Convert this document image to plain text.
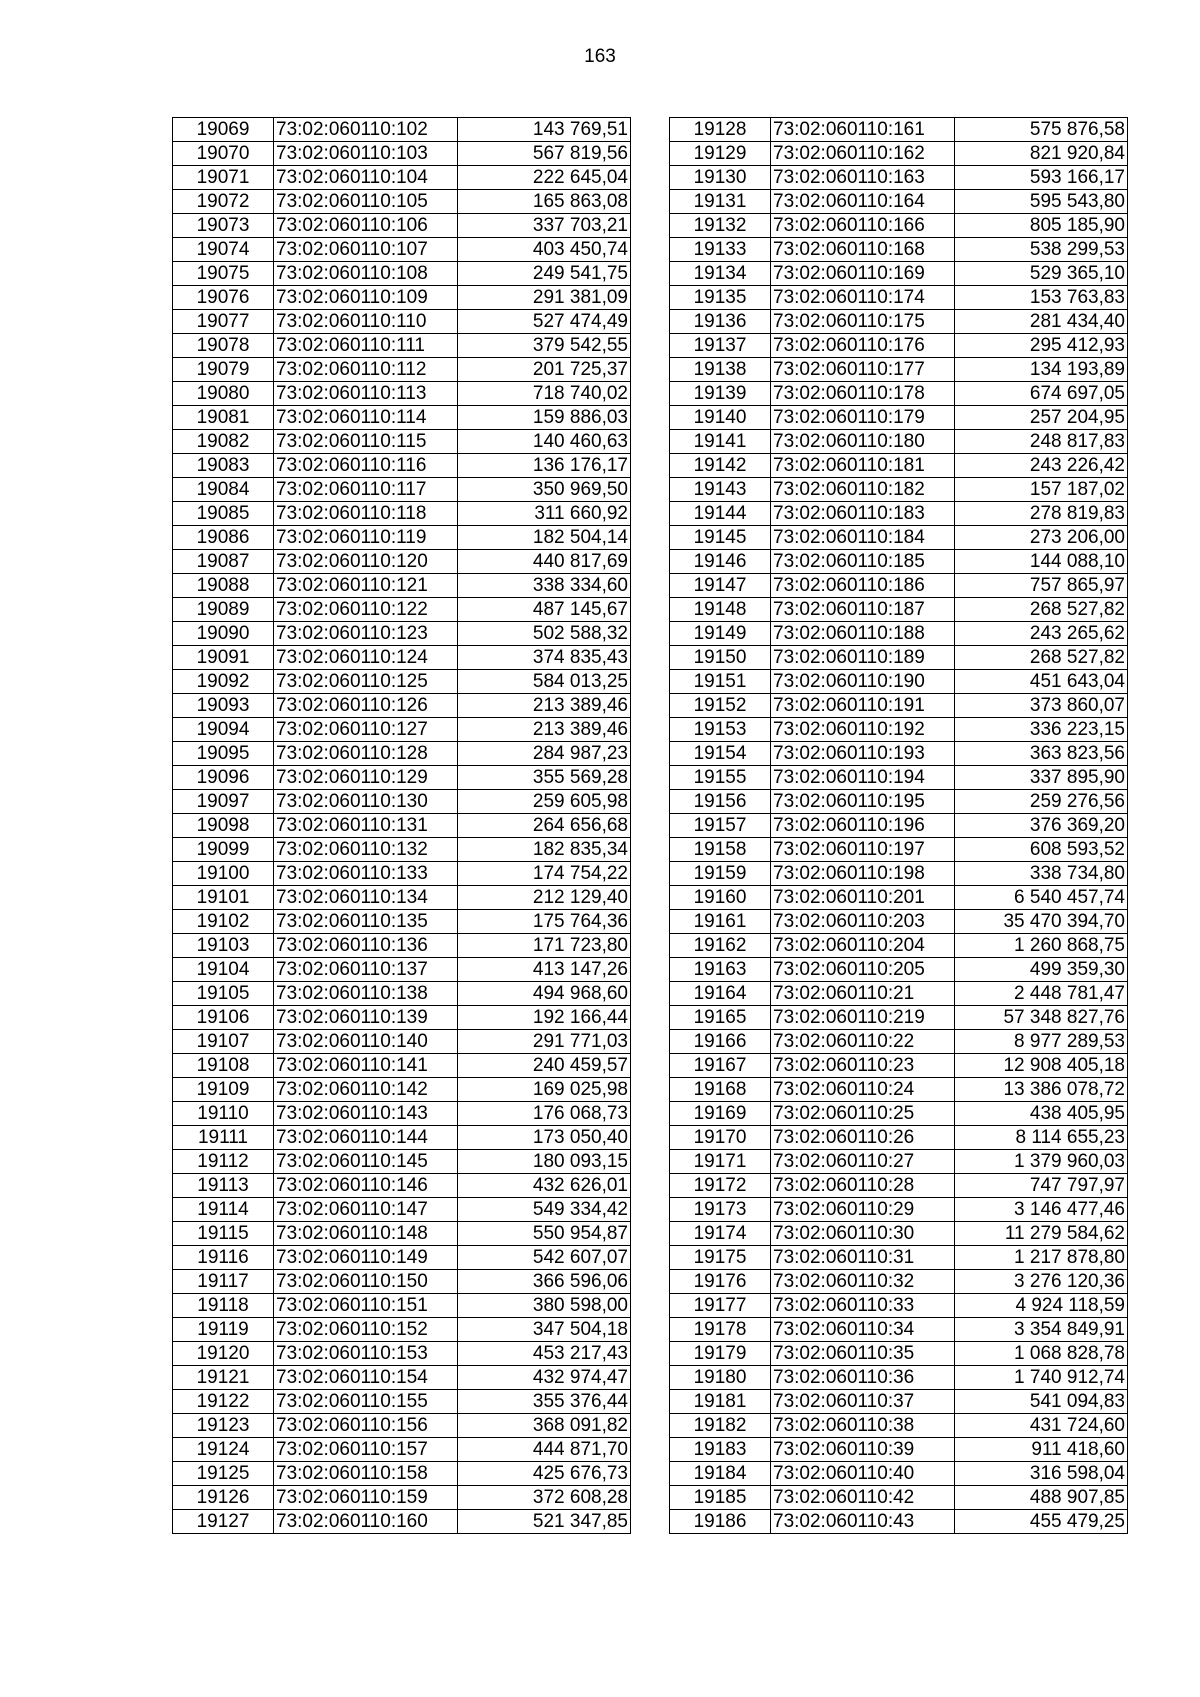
163
19069	73:02:060110:102	143 769,51
19070	73:02:060110:103	567 819,56
19071	73:02:060110:104	222 645,04
19072	73:02:060110:105	165 863,08
19073	73:02:060110:106	337 703,21
19074	73:02:060110:107	403 450,74
19075	73:02:060110:108	249 541,75
19076	73:02:060110:109	291 381,09
19077	73:02:060110:110	527 474,49
19078	73:02:060110:111	379 542,55
19079	73:02:060110:112	201 725,37
19080	73:02:060110:113	718 740,02
19081	73:02:060110:114	159 886,03
19082	73:02:060110:115	140 460,63
19083	73:02:060110:116	136 176,17
19084	73:02:060110:117	350 969,50
19085	73:02:060110:118	311 660,92
19086	73:02:060110:119	182 504,14
19087	73:02:060110:120	440 817,69
19088	73:02:060110:121	338 334,60
19089	73:02:060110:122	487 145,67
19090	73:02:060110:123	502 588,32
19091	73:02:060110:124	374 835,43
19092	73:02:060110:125	584 013,25
19093	73:02:060110:126	213 389,46
19094	73:02:060110:127	213 389,46
19095	73:02:060110:128	284 987,23
19096	73:02:060110:129	355 569,28
19097	73:02:060110:130	259 605,98
19098	73:02:060110:131	264 656,68
19099	73:02:060110:132	182 835,34
19100	73:02:060110:133	174 754,22
19101	73:02:060110:134	212 129,40
19102	73:02:060110:135	175 764,36
19103	73:02:060110:136	171 723,80
19104	73:02:060110:137	413 147,26
19105	73:02:060110:138	494 968,60
19106	73:02:060110:139	192 166,44
19107	73:02:060110:140	291 771,03
19108	73:02:060110:141	240 459,57
19109	73:02:060110:142	169 025,98
19110	73:02:060110:143	176 068,73
19111	73:02:060110:144	173 050,40
19112	73:02:060110:145	180 093,15
19113	73:02:060110:146	432 626,01
19114	73:02:060110:147	549 334,42
19115	73:02:060110:148	550 954,87
19116	73:02:060110:149	542 607,07
19117	73:02:060110:150	366 596,06
19118	73:02:060110:151	380 598,00
19119	73:02:060110:152	347 504,18
19120	73:02:060110:153	453 217,43
19121	73:02:060110:154	432 974,47
19122	73:02:060110:155	355 376,44
19123	73:02:060110:156	368 091,82
19124	73:02:060110:157	444 871,70
19125	73:02:060110:158	425 676,73
19126	73:02:060110:159	372 608,28
19127	73:02:060110:160	521 347,85
19128	73:02:060110:161	575 876,58
19129	73:02:060110:162	821 920,84
19130	73:02:060110:163	593 166,17
19131	73:02:060110:164	595 543,80
19132	73:02:060110:166	805 185,90
19133	73:02:060110:168	538 299,53
19134	73:02:060110:169	529 365,10
19135	73:02:060110:174	153 763,83
19136	73:02:060110:175	281 434,40
19137	73:02:060110:176	295 412,93
19138	73:02:060110:177	134 193,89
19139	73:02:060110:178	674 697,05
19140	73:02:060110:179	257 204,95
19141	73:02:060110:180	248 817,83
19142	73:02:060110:181	243 226,42
19143	73:02:060110:182	157 187,02
19144	73:02:060110:183	278 819,83
19145	73:02:060110:184	273 206,00
19146	73:02:060110:185	144 088,10
19147	73:02:060110:186	757 865,97
19148	73:02:060110:187	268 527,82
19149	73:02:060110:188	243 265,62
19150	73:02:060110:189	268 527,82
19151	73:02:060110:190	451 643,04
19152	73:02:060110:191	373 860,07
19153	73:02:060110:192	336 223,15
19154	73:02:060110:193	363 823,56
19155	73:02:060110:194	337 895,90
19156	73:02:060110:195	259 276,56
19157	73:02:060110:196	376 369,20
19158	73:02:060110:197	608 593,52
19159	73:02:060110:198	338 734,80
19160	73:02:060110:201	6 540 457,74
19161	73:02:060110:203	35 470 394,70
19162	73:02:060110:204	1 260 868,75
19163	73:02:060110:205	499 359,30
19164	73:02:060110:21	2 448 781,47
19165	73:02:060110:219	57 348 827,76
19166	73:02:060110:22	8 977 289,53
19167	73:02:060110:23	12 908 405,18
19168	73:02:060110:24	13 386 078,72
19169	73:02:060110:25	438 405,95
19170	73:02:060110:26	8 114 655,23
19171	73:02:060110:27	1 379 960,03
19172	73:02:060110:28	747 797,97
19173	73:02:060110:29	3 146 477,46
19174	73:02:060110:30	11 279 584,62
19175	73:02:060110:31	1 217 878,80
19176	73:02:060110:32	3 276 120,36
19177	73:02:060110:33	4 924 118,59
19178	73:02:060110:34	3 354 849,91
19179	73:02:060110:35	1 068 828,78
19180	73:02:060110:36	1 740 912,74
19181	73:02:060110:37	541 094,83
19182	73:02:060110:38	431 724,60
19183	73:02:060110:39	911 418,60
19184	73:02:060110:40	316 598,04
19185	73:02:060110:42	488 907,85
19186	73:02:060110:43	455 479,25
